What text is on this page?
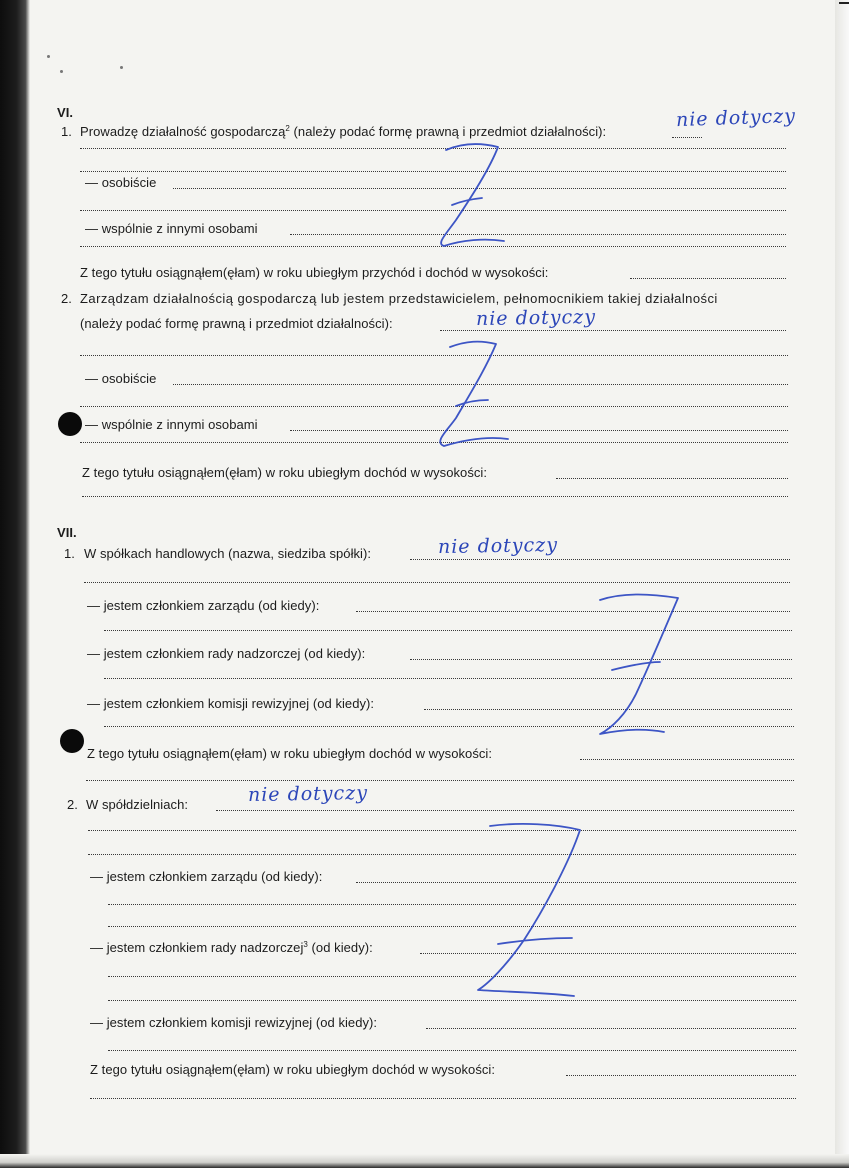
VI.
1. Prowadzę działalność gospodarczą$^2$ (należy podać formę prawną i przedmiot działalności):
nie dotyczy
— osobiście
— wspólnie z innymi osobami
Z tego tytułu osiągnąłem(ęłam) w roku ubiegłym przychód i dochód w wysokości:
2. Zarządzam działalnością gospodarczą lub jestem przedstawicielem, pełnomocnikiem takiej działalności
(należy podać formę prawną i przedmiot działalności):	nie dotyczy
— osobiście
— wspólnie z innymi osobami
Z tego tytułu osiągnąłem(ęłam) w roku ubiegłym dochód w wysokości:
VII.
1. W spółkach handlowych (nazwa, siedziba spółki):	nie dotyczy
— jestem członkiem zarządu (od kiedy):
— jestem członkiem rady nadzorczej (od kiedy):
— jestem członkiem komisji rewizyjnej (od kiedy):
Z tego tytułu osiągnąłem(ęłam) w roku ubiegłym dochód w wysokości:
2. W spółdzielniach:	nie dotyczy
— jestem członkiem zarządu (od kiedy):
— jestem członkiem rady nadzorczej$^3$ (od kiedy):
— jestem członkiem komisji rewizyjnej (od kiedy):
Z tego tytułu osiągnąłem(ęłam) w roku ubiegłym dochód w wysokości:
